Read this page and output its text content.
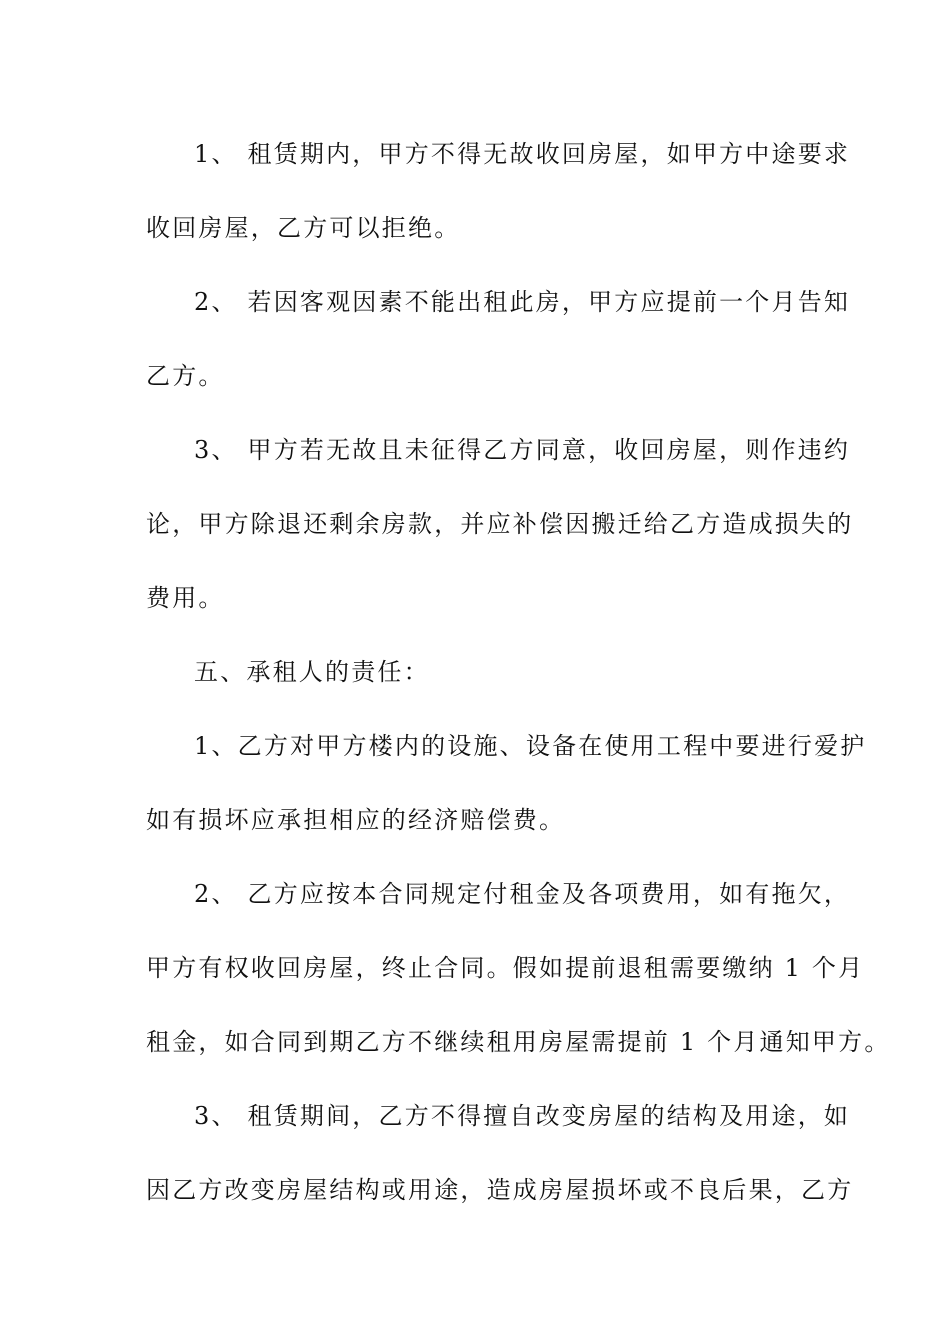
1、 租赁期内，甲方不得无故收回房屋，如甲方中途要求
收回房屋，乙方可以拒绝。
2、 若因客观因素不能出租此房，甲方应提前一个月告知
乙方。
3、 甲方若无故且未征得乙方同意，收回房屋，则作违约
论，甲方除退还剩余房款，并应补偿因搬迁给乙方造成损失的
费用。
五、承租人的责任：
1、乙方对甲方楼内的设施、设备在使用工程中要进行爱护
如有损坏应承担相应的经济赔偿费。
2、 乙方应按本合同规定付租金及各项费用，如有拖欠，
甲方有权收回房屋，终止合同。假如提前退租需要缴纳 1 个月
租金，如合同到期乙方不继续租用房屋需提前 1 个月通知甲方。
3、 租赁期间，乙方不得擅自改变房屋的结构及用途，如
因乙方改变房屋结构或用途，造成房屋损坏或不良后果，乙方
